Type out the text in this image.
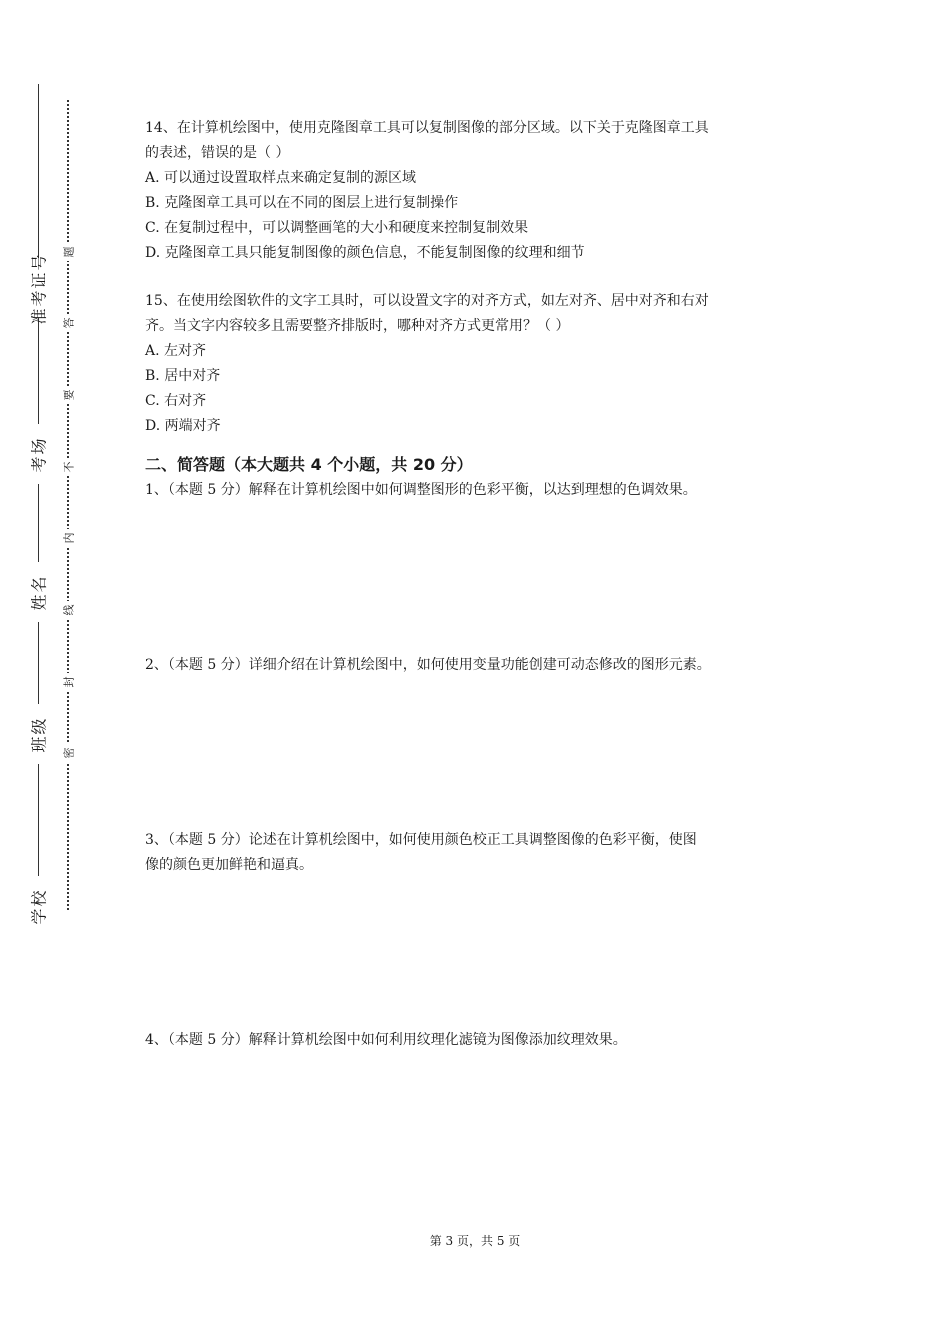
准考证号
考场
姓名
班级
学校
题
答
要
不
内
线
封
密

14、在计算机绘图中，使用克隆图章工具可以复制图像的部分区域。以下关于克隆图章工具

的表述，错误的是（ ）

A. 可以通过设置取样点来确定复制的源区域

B. 克隆图章工具可以在不同的图层上进行复制操作

C. 在复制过程中，可以调整画笔的大小和硬度来控制复制效果

D. 克隆图章工具只能复制图像的颜色信息，不能复制图像的纹理和细节

15、在使用绘图软件的文字工具时，可以设置文字的对齐方式，如左对齐、居中对齐和右对

齐。当文字内容较多且需要整齐排版时，哪种对齐方式更常用？（ ）

A. 左对齐

B. 居中对齐

C. 右对齐

D. 两端对齐

二、简答题（本大题共 4 个小题，共 20 分）

1、（本题 5 分）解释在计算机绘图中如何调整图形的色彩平衡，以达到理想的色调效果。

2、（本题 5 分）详细介绍在计算机绘图中，如何使用变量功能创建可动态修改的图形元素。

3、（本题 5 分）论述在计算机绘图中，如何使用颜色校正工具调整图像的色彩平衡，使图

像的颜色更加鲜艳和逼真。

4、（本题 5 分）解释计算机绘图中如何利用纹理化滤镜为图像添加纹理效果。

第 3 页，共 5 页
